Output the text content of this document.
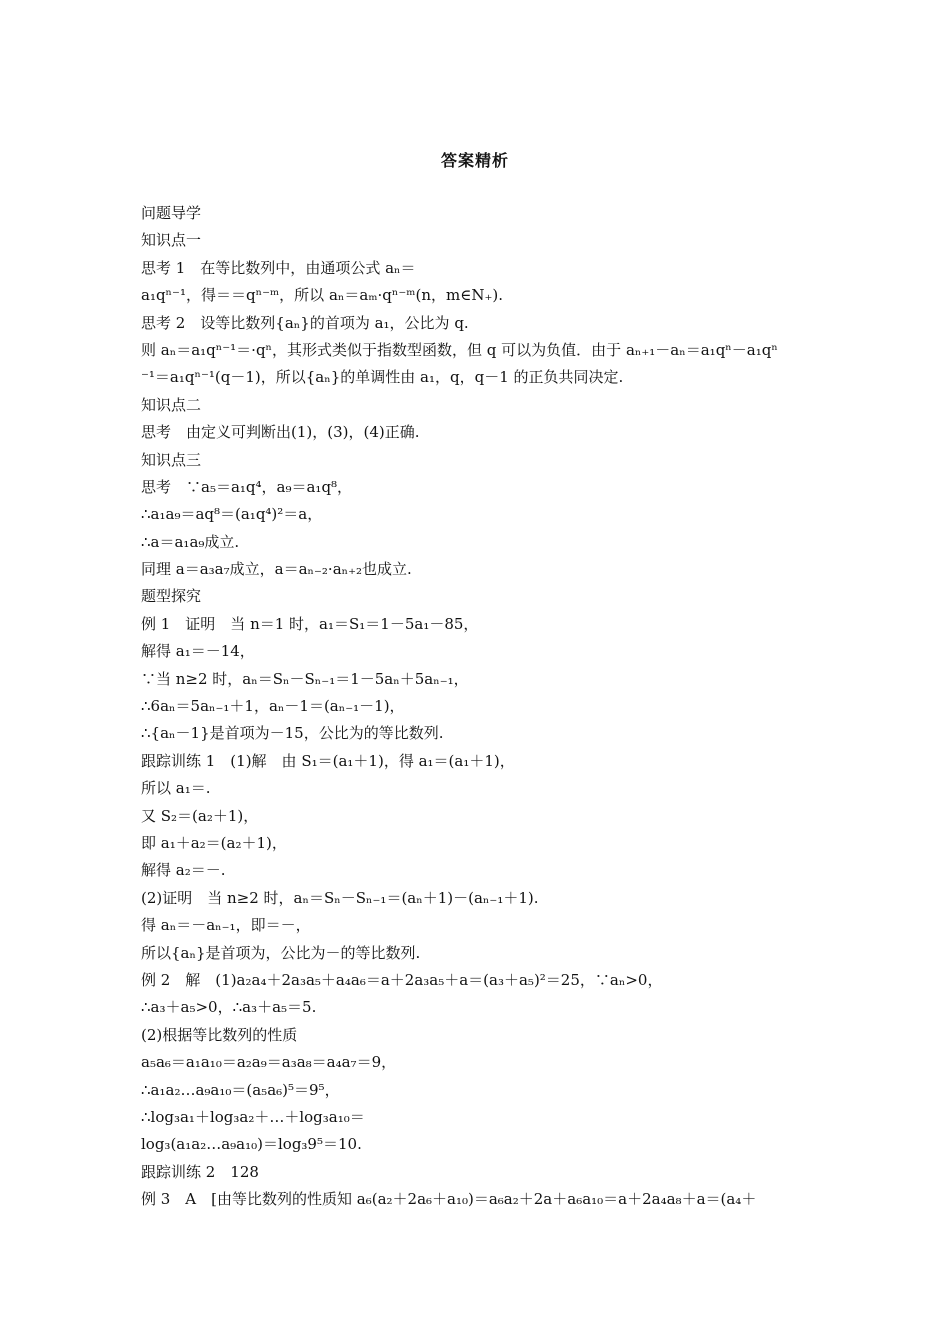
答案精析
问题导学
知识点一
思考 1　在等比数列中，由通项公式 aₙ＝
a₁qⁿ⁻¹，得＝＝qⁿ⁻ᵐ，所以 aₙ＝aₘ·qⁿ⁻ᵐ(n，m∈N₊).
思考 2　设等比数列{aₙ}的首项为 a₁，公比为 q.
则 aₙ＝a₁qⁿ⁻¹＝·qⁿ，其形式类似于指数型函数，但 q 可以为负值．由于 aₙ₊₁－aₙ＝a₁qⁿ－a₁qⁿ
⁻¹＝a₁qⁿ⁻¹(q－1)，所以{aₙ}的单调性由 a₁，q，q－1 的正负共同决定.
知识点二
思考　由定义可判断出(1)，(3)，(4)正确.
知识点三
思考　∵a₅＝a₁q⁴，a₉＝a₁q⁸，
∴a₁a₉＝aq⁸＝(a₁q⁴)²＝a，
∴a＝a₁a₉成立.
同理 a＝a₃a₇成立，a＝aₙ₋₂·aₙ₊₂也成立.
题型探究
例 1　证明　当 n＝1 时，a₁＝S₁＝1－5a₁－85，
解得 a₁＝－14，
∵当 n≥2 时，aₙ＝Sₙ－Sₙ₋₁＝1－5aₙ＋5aₙ₋₁，
∴6aₙ＝5aₙ₋₁＋1，aₙ－1＝(aₙ₋₁－1)，
∴{aₙ－1}是首项为－15，公比为的等比数列.
跟踪训练 1　(1)解　由 S₁＝(a₁＋1)，得 a₁＝(a₁＋1)，
所以 a₁＝.
又 S₂＝(a₂＋1)，
即 a₁＋a₂＝(a₂＋1)，
解得 a₂＝－.
(2)证明　当 n≥2 时，aₙ＝Sₙ－Sₙ₋₁＝(aₙ＋1)－(aₙ₋₁＋1).
得 aₙ＝－aₙ₋₁，即＝－，
所以{aₙ}是首项为，公比为－的等比数列.
例 2　解　(1)a₂a₄＋2a₃a₅＋a₄a₆＝a＋2a₃a₅＋a＝(a₃＋a₅)²＝25，∵aₙ>0，
∴a₃＋a₅>0，∴a₃＋a₅＝5.
(2)根据等比数列的性质
a₅a₆＝a₁a₁₀＝a₂a₉＝a₃a₈＝a₄a₇＝9，
∴a₁a₂…a₉a₁₀＝(a₅a₆)⁵＝9⁵，
∴log₃a₁＋log₃a₂＋…＋log₃a₁₀＝
log₃(a₁a₂…a₉a₁₀)＝log₃9⁵＝10.
跟踪训练 2　128
例 3　A　[由等比数列的性质知 a₆(a₂＋2a₆＋a₁₀)＝a₆a₂＋2a＋a₆a₁₀＝a＋2a₄a₈＋a＝(a₄＋
